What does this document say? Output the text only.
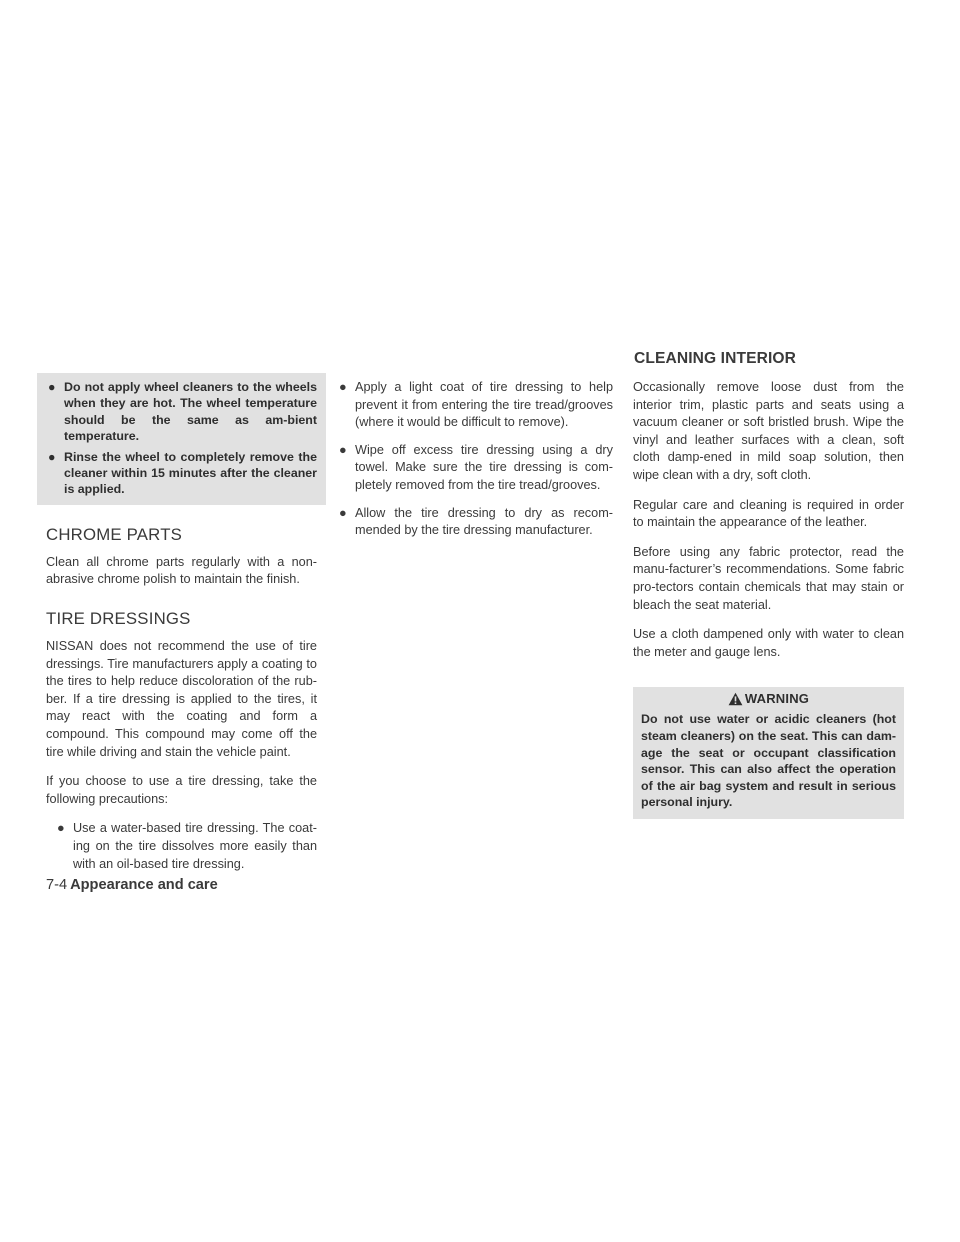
CLEANING INTERIOR
● Do not apply wheel cleaners to the wheels when they are hot. The wheel temperature should be the same as am-bient temperature.
● Rinse the wheel to completely remove the cleaner within 15 minutes after the cleaner is applied.
CHROME PARTS

Clean all chrome parts regularly with a non-abrasive chrome polish to maintain the finish.

TIRE DRESSINGS

NISSAN does not recommend the use of tire dressings. Tire manufacturers apply a coating to the tires to help reduce discoloration of the rub-ber. If a tire dressing is applied to the tires, it may react with the coating and form a compound. This compound may come off the tire while driving and stain the vehicle paint.

If you choose to use a tire dressing, take the following precautions:

● Use a water-based tire dressing. The coat-ing on the tire dissolves more easily than with an oil-based tire dressing.
● Apply a light coat of tire dressing to help prevent it from entering the tire tread/grooves (where it would be difficult to remove).
● Wipe off excess tire dressing using a dry towel. Make sure the tire dressing is com-pletely removed from the tire tread/grooves.
● Allow the tire dressing to dry as recom-mended by the tire dressing manufacturer.

Occasionally remove loose dust from the interior trim, plastic parts and seats using a vacuum cleaner or soft bristled brush. Wipe the vinyl and leather surfaces with a clean, soft cloth damp-ened in mild soap solution, then wipe clean with a dry, soft cloth.

Regular care and cleaning is required in order to maintain the appearance of the leather.

Before using any fabric protector, read the manu-facturer’s recommendations. Some fabric pro-tectors contain chemicals that may stain or bleach the seat material.

Use a cloth dampened only with water to clean the meter and gauge lens.

WARNING
Do not use water or acidic cleaners (hot steam cleaners) on the seat. This can dam-age the seat or occupant classification sensor. This can also affect the operation of the air bag system and result in serious personal injury.
7-4 Appearance and care
